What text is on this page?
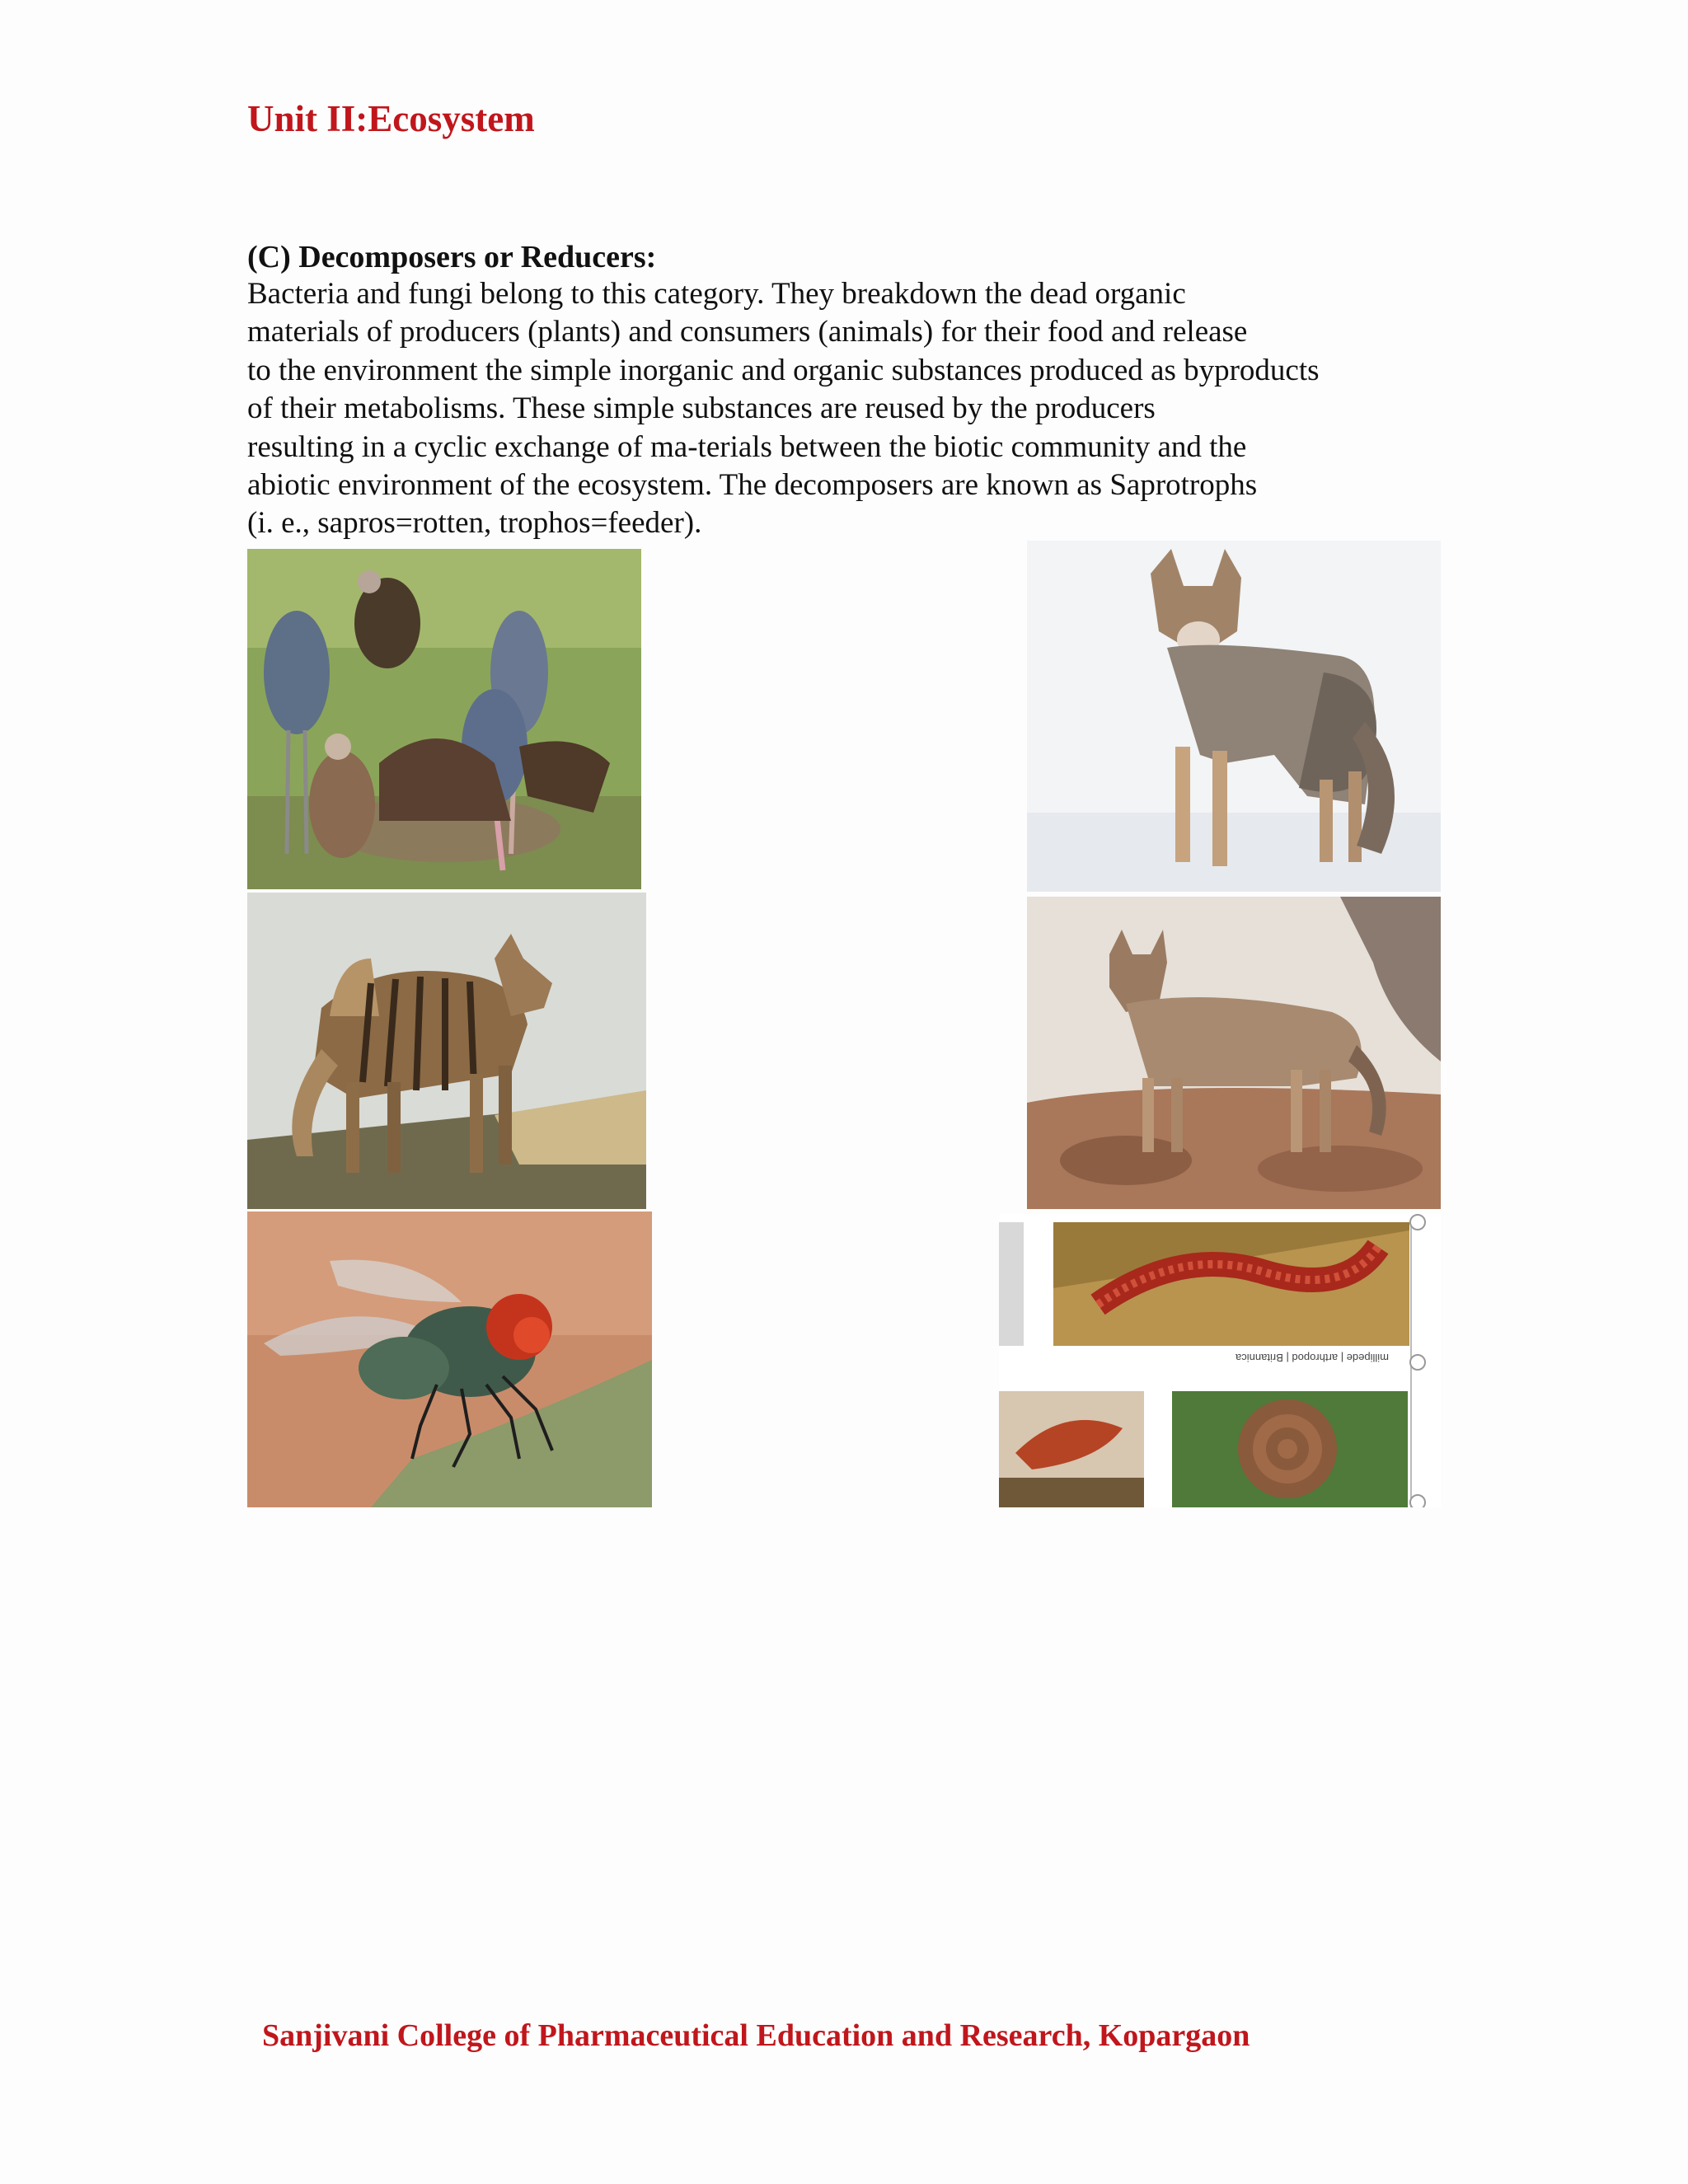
Unit II:Ecosystem
(C) Decomposers or Reducers:
Bacteria and fungi belong to this category. They breakdown the dead organic
materials of producers (plants) and consumers (animals) for their food and release
to the environment the simple inorganic and organic substances produced as byproducts
of their metabolisms. These simple substances are reused by the producers
resulting in a cyclic exchange of ma-terials between the biotic community and the
abiotic environment of the ecosystem. The decomposers are known as Saprotrophs
(i. e., sapros=rotten, trophos=feeder).
millipede | arthropod | Britannica
Sanjivani College of Pharmaceutical Education and Research, Kopargaon
